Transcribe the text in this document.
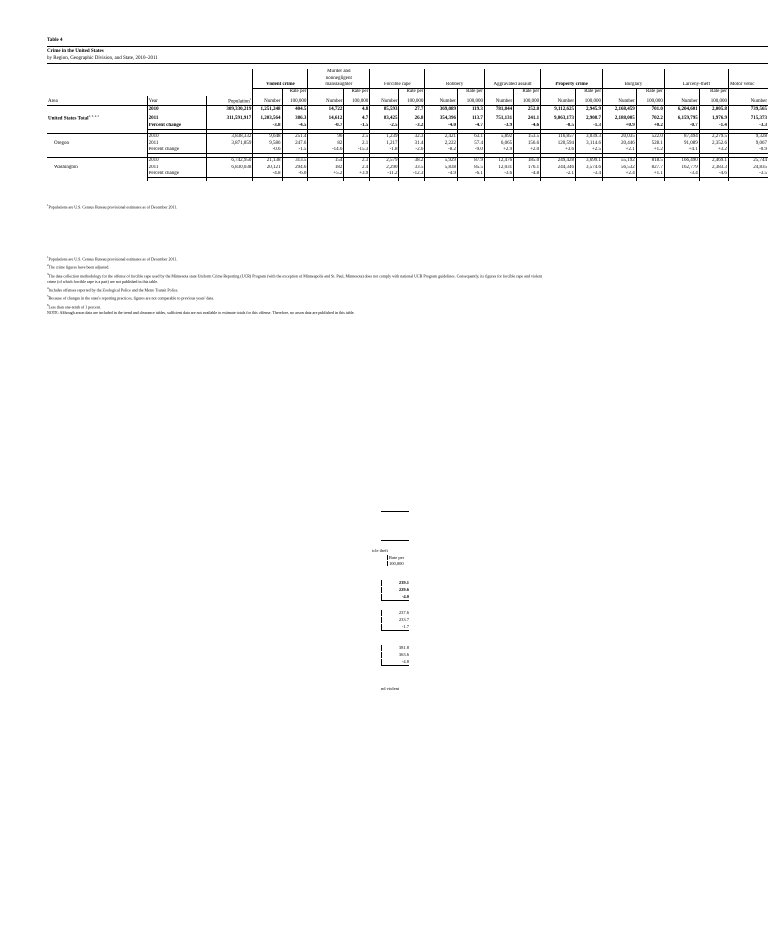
Table 4
Crime in the United States
by Region, Geographic Division, and State, 2010–2011
					Murder and														
					nonnegligent														
			Violent crime		manslaughter		Forcible rape		Robbery		Aggravated assault		Property crime		Burglary		Larceny-theft		Motor vehic
				Rate per		Rate per		Rate per		Rate per		Rate per		Rate per		Rate per		Rate per	
Area	Year	Population$^1$	Number	100,000	Number	100,000	Number	100,000	Number	100,000	Number	100,000	Number	100,000	Number	100,000	Number	100,000	Number
	2010	309,330,219	1,251,248	404.5	14,722	4.8	85,593	27.7	369,089	119.3	781,844	252.8	9,112,625	2,945.9	2,168,459	701.0	6,204,601	2,005.8	739,565
United States Total$^{2, 3, 4, 5}$	2011	311,591,917	1,203,564	386.3	14,612	4.7	83,425	26.8	354,396	113.7	751,131	241.1	9,063,173	2,908.7	2,188,005	702.2	6,159,795	1,976.9	715,373
	Percent change		-3.8	-4.5	-0.7	-1.5	-2.5	-3.2	-4.0	-4.7	-3.9	-4.6	-0.5	-1.3	+0.9	+0.2	-0.7	-1.4	-3.3

	2010	3,838,332	9,648	251.4	96	2.5	1,239	32.3	2,421	63.1	5,892	153.5	116,857	3,039.3	20,035	522.0	87,494	2,279.5	9,328
Oregon	2011	3,871,859	9,586	247.6	82	2.1	1,217	31.4	2,222	57.4	6,065	156.6	120,594	3,114.6	20,446	528.1	91,089	2,352.6	9,067
	Percent change		-0.6	-1.5	-14.6	-15.3	-1.8	-2.6	-8.2	-9.0	+2.9	+2.0	+3.6	+2.5	+2.1	+1.2	+4.1	+3.2	-0.9

	2010	6,742,950	21,138	313.5	154	2.3	2,579	38.2	5,929	87.9	12,476	185.0	249,428	3,699.1	55,192	818.5	166,490	2,469.1	25,744
Washington	2011	6,830,038	20,121	294.6	182	2.4	2,290	33.5	5,838	85.5	12,031	176.1	244,346	3,574.6	56,532	827.7	162,779	2,383.3	24,835
	Percent change		-4.8	-6.0	+5.2	+3.9	-11.2	-12.3	-4.9	-6.1	-3.6	-4.8	-2.1	-3.4	+2.4	+1.1	-3.4	-4.6	-3.5

$^1$Populations are U.S. Census Bureau provisional estimates as of December 2011.
$^2$The crime figures have been adjusted.
$^3$The data collection methodology for the offense of forcible rape used by the Minnesota state Uniform Crime Reporting (UCR) Program (with the exception of Minneapolis and St. Paul, Minnesota) does not comply with national UCR Program guidelines. Consequently, its figures for forcible rape and violent
crime (of which forcible rape is a part) are not published in this table.
$^4$Includes offenses reported by the Zoological Police and the Metro Transit Police.
$^5$Because of changes in the state's reporting practices, figures are not comparable to previous years' data.
$^6$Less than one-tenth of 1 percent.
NOTE: Although arson data are included in the trend and clearance tables, sufficient data are not available to estimate totals for this offense. Therefore, no arson data are published in this table.
$^1$Populations are U.S. Census Bureau provisional estimates as of December 2011.
icle theft
Rate per
100,000
239.1
229.6
-4.0
237.6
233.7
-1.7
381.8
363.6
-4.8
nd violent
